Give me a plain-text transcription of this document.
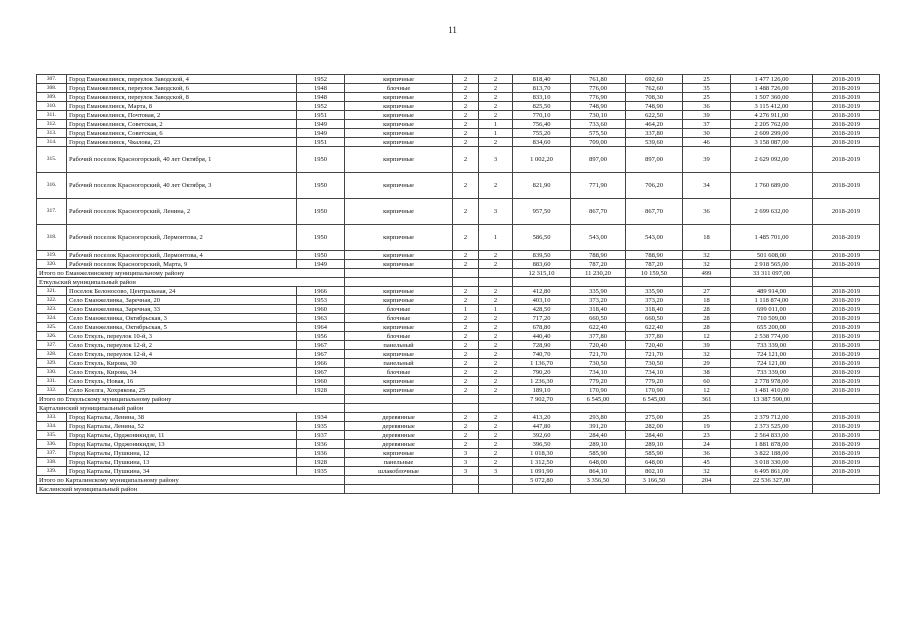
11
307.	Город Еманжелинск, переулок Заводской, 4	1952	кирпичные	2	2	818,40	761,80	692,60	25	1 477 126,00	2018-2019
308.	Город Еманжелинск, переулок Заводской, 6	1948	блочные	2	2	813,70	776,00	762,60	35	1 488 726,00	2018-2019
309.	Город Еманжелинск, переулок Заводской, 8	1948	кирпичные	2	2	833,10	776,90	708,30	25	1 507 360,00	2018-2019
310.	Город Еманжелинск, Марта, 8	1952	кирпичные	2	2	825,50	748,90	748,90	36	3 115 412,00	2018-2019
311.	Город Еманжелинск, Почтовая, 2	1951	кирпичные	2	2	770,10	730,10	622,50	39	4 276 911,00	2018-2019
312.	Город Еманжелинск, Советская, 2	1949	кирпичные	2	1	756,40	733,60	464,20	37	2 205 762,00	2018-2019
313.	Город Еманжелинск, Советская, 6	1949	кирпичные	2	1	755,20	575,50	337,80	30	2 609 299,00	2018-2019
314.	Город Еманжелинск, Чкалова, 23	1951	кирпичные	2	2	834,60	709,00	539,60	46	3 158 087,00	2018-2019
315.	Рабочий поселок Красногорский, 40 лет Октября, 1	1950	кирпичные	2	3	1 002,20	897,00	897,00	39	2 629 092,00	2018-2019
316.	Рабочий поселок Красногорский, 40 лет Октября, 3	1950	кирпичные	2	2	821,90	771,90	706,20	34	1 760 689,00	2018-2019
317.	Рабочий поселок Красногорский, Ленина, 2	1950	кирпичные	2	3	957,50	867,70	867,70	36	2 699 632,00	2018-2019
318.	Рабочий поселок Красногорский, Лермонтова, 2	1950	кирпичные	2	1	586,50	543,00	543,00	18	1 485 701,00	2018-2019
319.	Рабочий поселок Красногорский, Лермонтова, 4	1950	кирпичные	2	2	839,50	788,90	788,90	32	501 608,00	2018-2019
320.	Рабочий поселок Красногорский, Марта, 9	1949	кирпичные	2	2	883,60	787,20	787,20	32	2 918 565,00	2018-2019
Итого по Еманжелинскому муниципальному району						12 315,10	11 230,20	10 159,50	499	33 311 097,00	
Еткульский муниципальный район											
321.	Поселок Белоносово, Центральная, 24	1966	кирпичные	2	2	412,80	335,90	335,90	27	489 914,00	2018-2019
322.	Село Еманжелинка, Заречная, 20	1953	кирпичные	2	2	403,10	373,20	373,20	18	1 118 874,00	2018-2019
323.	Село Еманжелинка, Заречная, 33	1960	блочные	1	1	428,50	318,40	318,40	28	699 011,00	2018-2019
324.	Село Еманжелинка, Октябрьская, 3	1963	блочные	2	2	717,20	660,50	660,50	28	710 509,00	2018-2019
325.	Село Еманжелинка, Октябрьская, 5	1964	кирпичные	2	2	678,80	622,40	622,40	28	655 200,00	2018-2019
326.	Село Еткуль, переулок 10-й, 3	1956	блочные	2	2	440,40	377,80	377,80	12	2 538 774,00	2018-2019
327.	Село Еткуль, переулок 12-й, 2	1967	панельный	2	2	728,90	720,40	720,40	39	733 339,00	2018-2019
328.	Село Еткуль, переулок 12-й, 4	1967	кирпичные	2	2	740,70	721,70	721,70	32	724 121,00	2018-2019
329.	Село Еткуль, Кирова, 30	1966	панельный	2	2	1 136,70	730,50	730,50	29	724 121,00	2018-2019
330.	Село Еткуль, Кирова, 34	1967	блочные	2	2	790,20	734,10	734,10	38	733 339,00	2018-2019
331.	Село Еткуль, Новая, 16	1960	кирпичные	2	2	1 236,30	779,20	779,20	60	2 778 978,00	2018-2019
332.	Село Коелга, Хохрякова, 25	1928	кирпичные	2	2	189,10	170,90	170,90	12	1 481 410,00	2018-2019
Итого по Еткульскому муниципальному району						7 902,70	6 545,00	6 545,00	361	13 387 590,00	
Карталинский муниципальный район											
333.	Город Карталы, Ленина, 38	1934	деревянные	2	2	413,20	293,80	275,00	25	2 379 712,00	2018-2019
334.	Город Карталы, Ленина, 52	1935	деревянные	2	2	447,80	391,20	282,00	19	2 373 525,00	2018-2019
335.	Город Карталы, Орджоникидзе, 11	1937	деревянные	2	2	392,60	284,40	284,40	23	2 564 833,00	2018-2019
336.	Город Карталы, Орджоникидзе, 13	1936	деревянные	2	2	396,50	289,10	289,10	24	1 881 878,00	2018-2019
337.	Город Карталы, Пушкина, 12	1936	кирпичные	3	2	1 018,30	585,90	585,90	36	3 822 188,00	2018-2019
338.	Город Карталы, Пушкина, 13	1928	панельные	3	2	1 312,50	648,00	648,00	45	3 018 330,00	2018-2019
339.	Город Карталы, Пушкина, 34	1935	шлакоблочные	3	3	1 091,90	864,10	802,10	32	6 495 861,00	2018-2019
Итого по Карталинскому муниципальному району						5 072,80	3 356,50	3 166,50	204	22 536 327,00	
Каслинский муниципальный район											
